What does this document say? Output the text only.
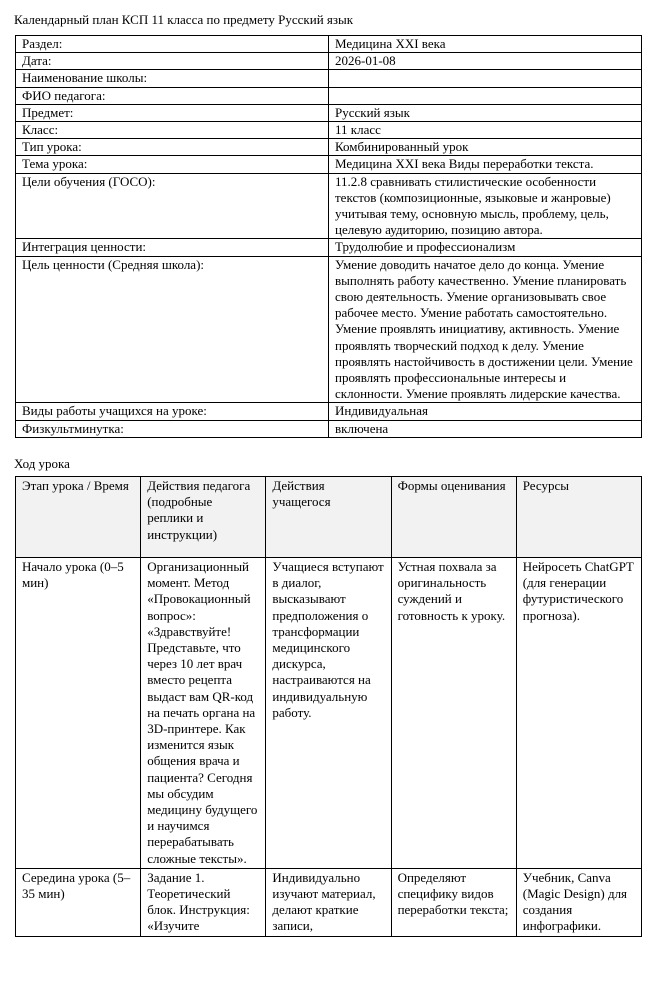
Календарный план КСП 11 класса по предмету Русский язык
Раздел:	Медицина XXI века
Дата:	2026-01-08
Наименование школы:	
ФИО педагога:	
Предмет:	Русский язык
Класс:	11 класс
Тип урока:	Комбинированный урок
Тема урока:	Медицина XXI века Виды переработки текста.
Цели обучения (ГОСО):	11.2.8 сравнивать стилистические особенности текстов (композиционные, языковые и жанровые) учитывая тему, основную мысль, проблему, цель, целевую аудиторию, позицию автора.
Интеграция ценности:	Трудолюбие и профессионализм
Цель ценности (Средняя школа):	Умение доводить начатое дело до конца. Умение выполнять работу качественно. Умение планировать свою деятельность. Умение организовывать свое рабочее место. Умение работать самостоятельно. Умение проявлять инициативу, активность. Умение проявлять творческий подход к делу. Умение проявлять настойчивость в достижении цели. Умение проявлять профессиональные интересы и склонности. Умение проявлять лидерские качества.
Виды работы учащихся на уроке:	Индивидуальная
Физкультминутка:	включена
Ход урока
Этап урока / Время	Действия педагога (подробные реплики и инструкции)	Действия учащегося	Формы оценивания	Ресурсы
Начало урока (0–5 мин)	Организационный момент. Метод «Провокационный вопрос»: «Здравствуйте! Представьте, что через 10 лет врач вместо рецепта выдаст вам QR-код на печать органа на 3D-принтере. Как изменится язык общения врача и пациента? Сегодня мы обсудим медицину будущего и научимся перерабатывать сложные тексты».	Учащиеся вступают в диалог, высказывают предположения о трансформации медицинского дискурса, настраиваются на индивидуальную работу.	Устная похвала за оригинальность суждений и готовность к уроку.	Нейросеть ChatGPT (для генерации футуристического прогноза).
Середина урока (5–35 мин)	Задание 1. Теоретический блок. Инструкция: «Изучите	Индивидуально изучают материал, делают краткие записи,	Определяют специфику видов переработки текста;	Учебник, Canva (Magic Design) для создания инфографики.
